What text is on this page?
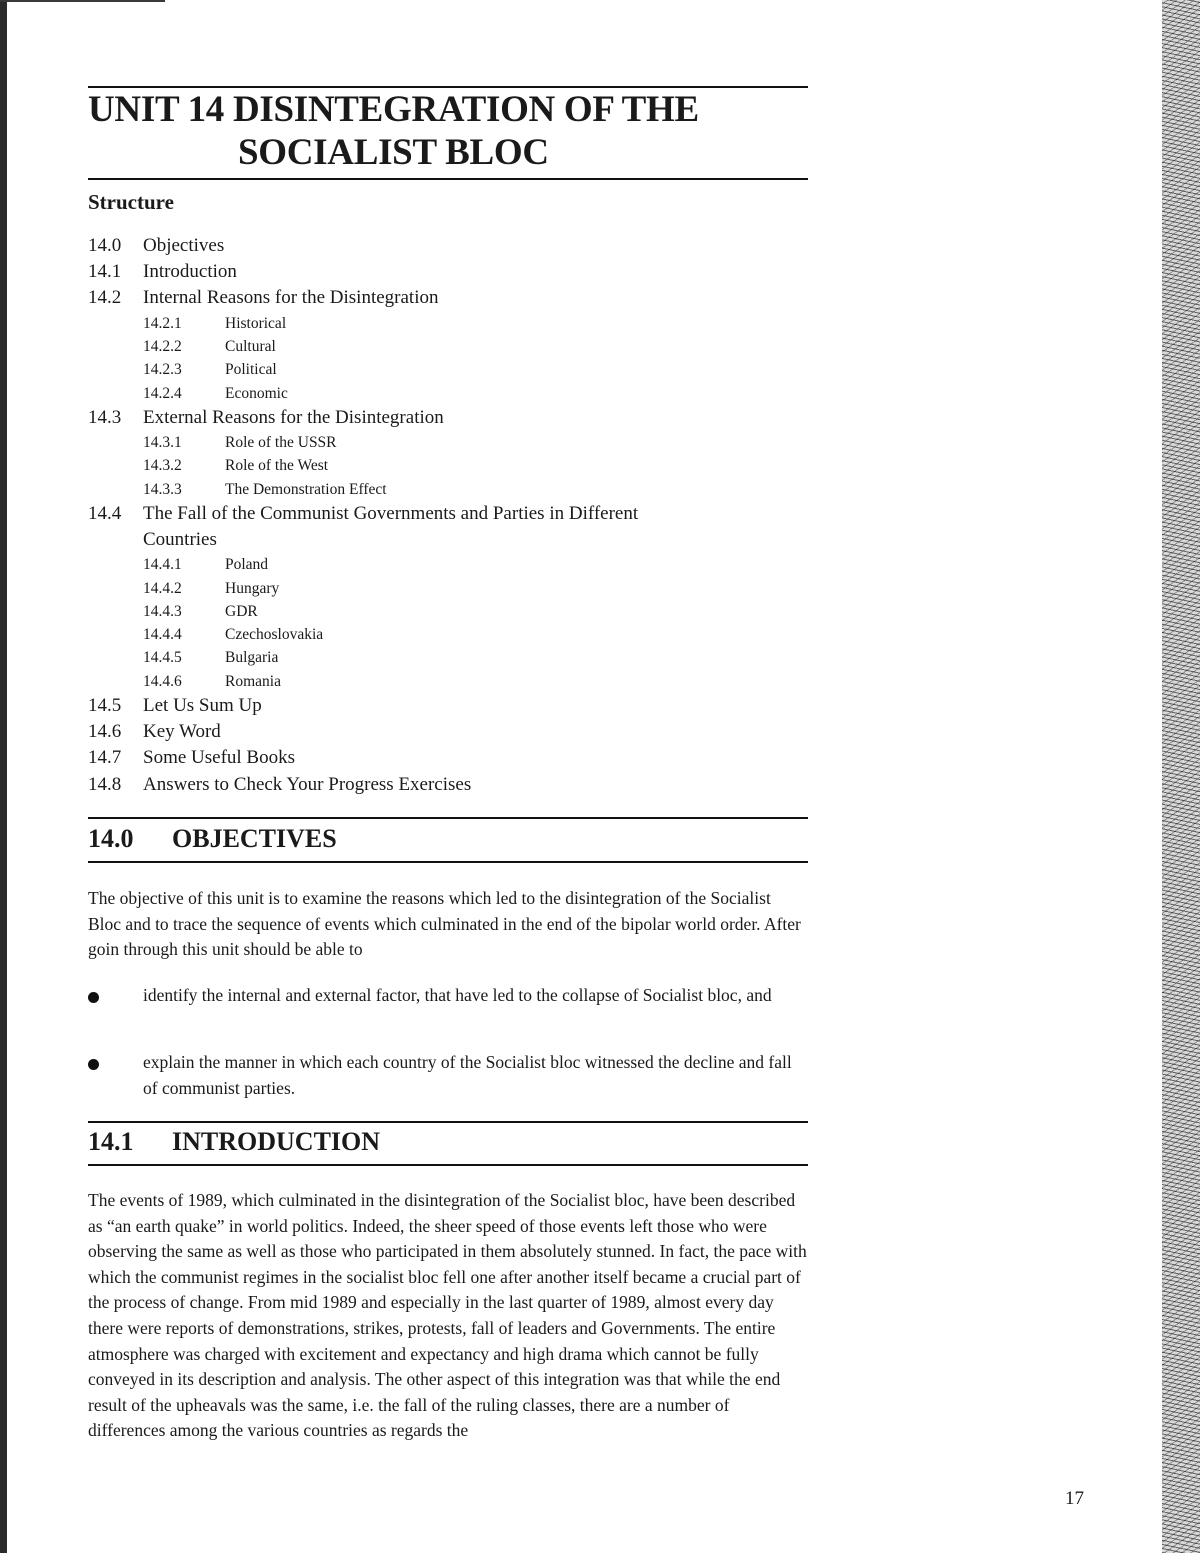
UNIT 14 DISINTEGRATION OF THE
SOCIALIST BLOC
Structure
14.0 Objectives
14.1 Introduction
14.2 Internal Reasons for the Disintegration
14.2.1	Historical
14.2.2	Cultural
14.2.3	Political
14.2.4	Economic
14.3 External Reasons for the Disintegration
14.3.1	Role of the USSR
14.3.2	Role of the West
14.3.3	The Demonstration Effect
14.4 The Fall of the Communist Governments and Parties in Different
Countries
14.4.1	Poland
14.4.2	Hungary
14.4.3	GDR
14.4.4	Czechoslovakia
14.4.5	Bulgaria
14.4.6	Romania
14.5 Let Us Sum Up
14.6 Key Word
14.7 Some Useful Books
14.8 Answers to Check Your Progress Exercises
14.0 OBJECTIVES

The objective of this unit is to examine the reasons which led to the disintegration of the Socialist Bloc and to trace the sequence of events which culminated in the end of the bipolar world order. After goin through this unit should be able to

identify the internal and external factor, that have led to the collapse of Socialist bloc, and
explain the manner in which each country of the Socialist bloc witnessed the decline and fall of communist parties.
14.1 INTRODUCTION

The events of 1989, which culminated in the disintegration of the Socialist bloc, have been described as “an earth quake” in world politics. Indeed, the sheer speed of those events left those who were observing the same as well as those who participated in them absolutely stunned. In fact, the pace with which the communist regimes in the socialist bloc fell one after another itself became a crucial part of the process of change. From mid 1989 and especially in the last quarter of 1989, almost every day there were reports of demonstrations, strikes, protests, fall of leaders and Governments. The entire atmosphere was charged with excitement and expectancy and high drama which cannot be fully conveyed in its description and analysis. The other aspect of this integration was that while the end result of the upheavals was the same, i.e. the fall of the ruling classes, there are a number of differences among the various countries as regards the

17
